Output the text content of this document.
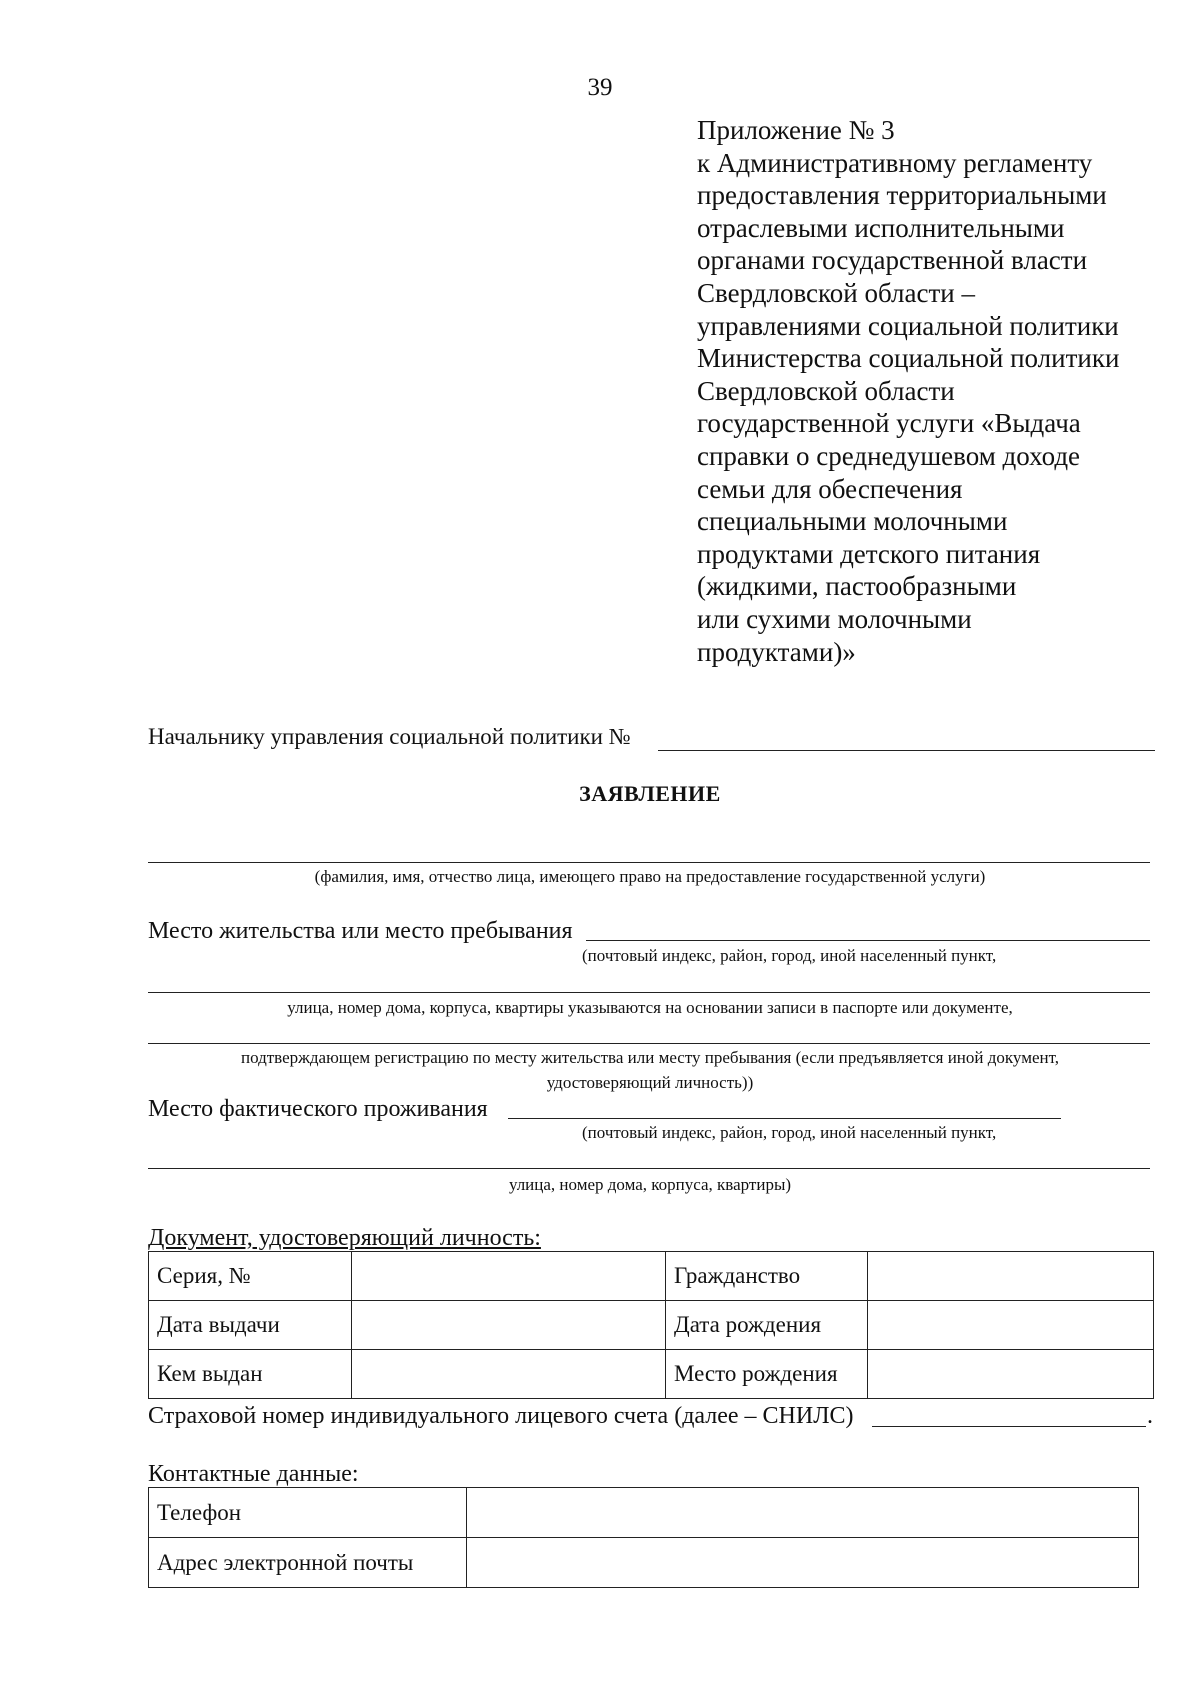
39
Приложение № 3
к Административному регламенту
предоставления территориальными
отраслевыми исполнительными
органами государственной власти
Свердловской области –
управлениями социальной политики
Министерства социальной политики
Свердловской области
государственной услуги «Выдача
справки о среднедушевом доходе
семьи для обеспечения
специальными молочными
продуктами детского питания
(жидкими, пастообразными
или сухими молочными
продуктами)»
Начальнику управления социальной политики №
ЗАЯВЛЕНИЕ
(фамилия, имя, отчество лица, имеющего право на предоставление государственной услуги)
Место жительства или место пребывания
(почтовый индекс, район, город, иной населенный пункт,
улица, номер дома, корпуса, квартиры указываются на основании записи в паспорте или документе,
подтверждающем регистрацию по месту жительства или месту пребывания (если предъявляется иной документ,
удостоверяющий личность))
Место фактического проживания
(почтовый индекс, район, город, иной населенный пункт,
улица, номер дома, корпуса, квартиры)
Документ, удостоверяющий личность:
Серия, №		Гражданство	
Дата выдачи		Дата рождения	
Кем выдан		Место рождения	
Страховой номер индивидуального лицевого счета (далее – СНИЛС)	.
Контактные данные:
Телефон	
Адрес электронной почты	
